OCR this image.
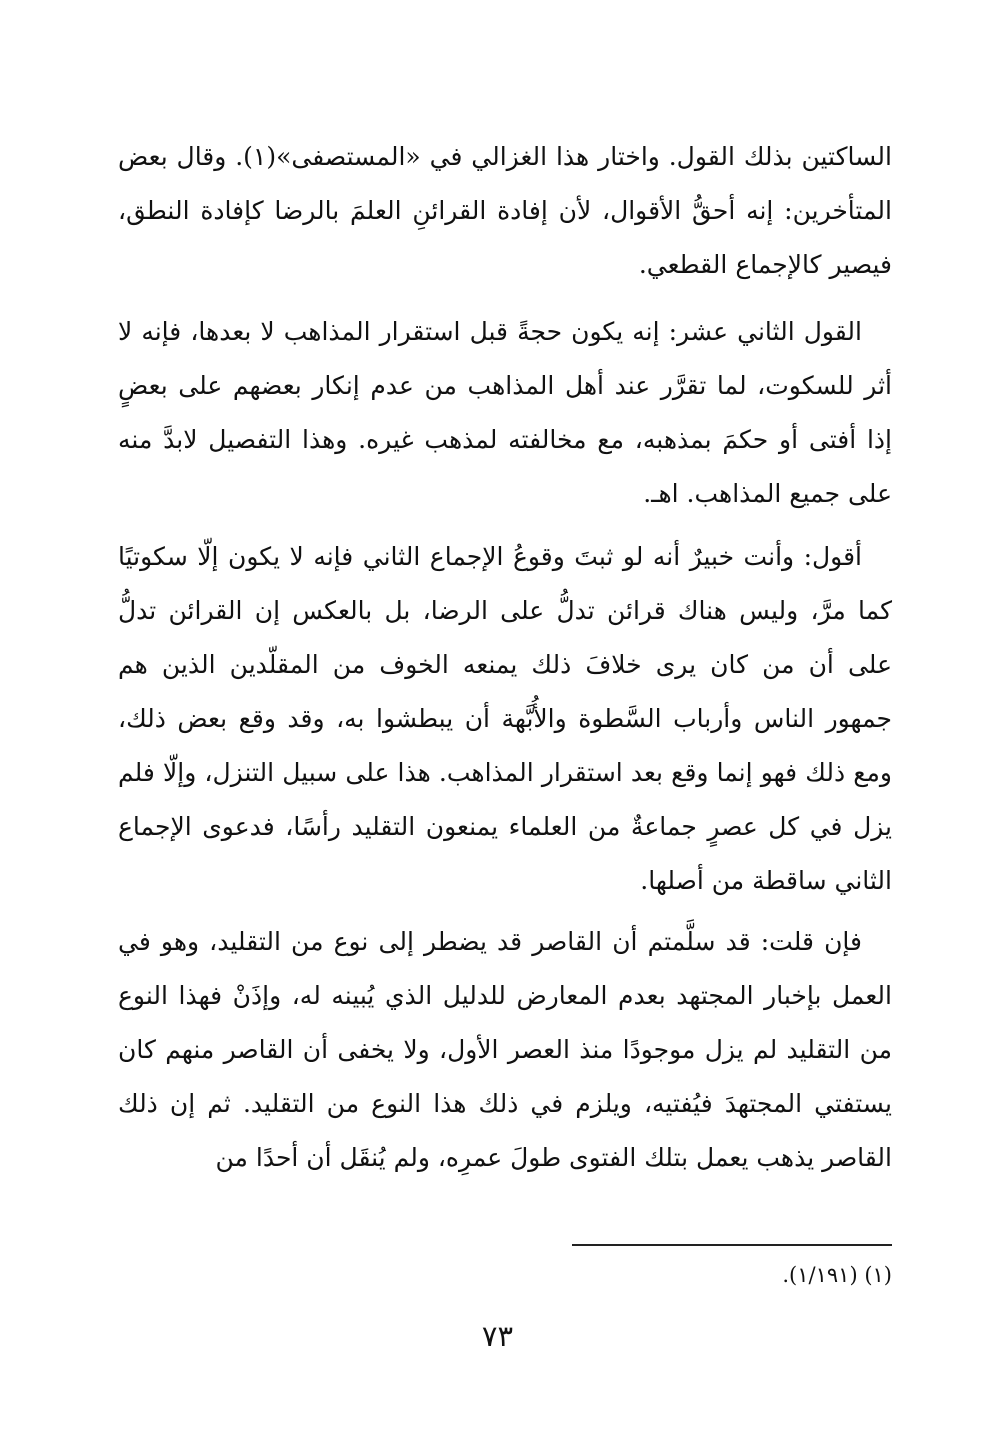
الساكتين بذلك القول. واختار هذا الغزالي في «المستصفى»(١). وقال بعض المتأخرين: إنه أحقُّ الأقوال، لأن إفادة القرائنِ العلمَ بالرضا كإفادة النطق، فيصير كالإجماع القطعي.

القول الثاني عشر: إنه يكون حجةً قبل استقرار المذاهب لا بعدها، فإنه لا أثر للسكوت، لما تقرَّر عند أهل المذاهب من عدم إنكار بعضهم على بعضٍ إذا أفتى أو حكمَ بمذهبه، مع مخالفته لمذهب غيره. وهذا التفصيل لابدَّ منه على جميع المذاهب. اهـ.

أقول: وأنت خبيرٌ أنه لو ثبتَ وقوعُ الإجماع الثاني فإنه لا يكون إلّا سكوتيًا كما مرَّ، وليس هناك قرائن تدلُّ على الرضا، بل بالعكس إن القرائن تدلُّ على أن من كان يرى خلافَ ذلك يمنعه الخوف من المقلّدين الذين هم جمهور الناس وأرباب السَّطوة والأُبَّهة أن يبطشوا به، وقد وقع بعض ذلك، ومع ذلك فهو إنما وقع بعد استقرار المذاهب. هذا على سبيل التنزل، وإلّا فلم يزل في كل عصرٍ جماعةٌ من العلماء يمنعون التقليد رأسًا، فدعوى الإجماع الثاني ساقطة من أصلها.

فإن قلت: قد سلَّمتم أن القاصر قد يضطر إلى نوع من التقليد، وهو في العمل بإخبار المجتهد بعدم المعارض للدليل الذي يُبينه له، وإذَنْ فهذا النوع من التقليد لم يزل موجودًا منذ العصر الأول، ولا يخفى أن القاصر منهم كان يستفتي المجتهدَ فيُفتيه، ويلزم في ذلك هذا النوع من التقليد. ثم إن ذلك القاصر يذهب يعمل بتلك الفتوى طولَ عمرِه، ولم يُنقَل أن أحدًا من

(١) (١/١٩١).
٧٣
